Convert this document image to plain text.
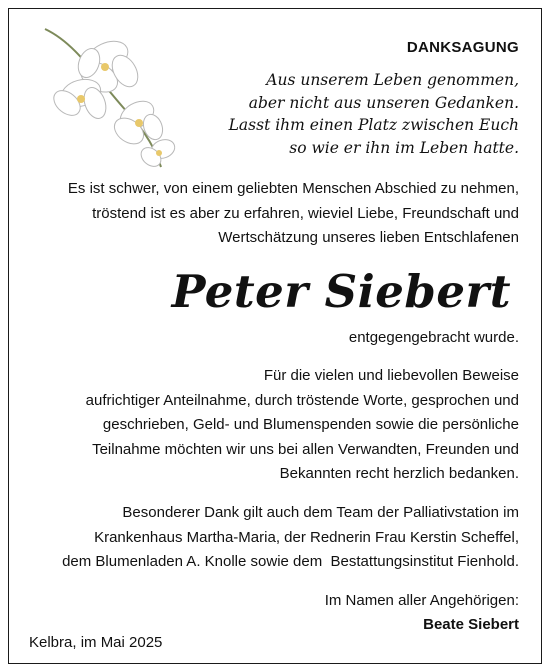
DANKSAGUNG
Aus unserem Leben genommen,
aber nicht aus unseren Gedanken.
Lasst ihm einen Platz zwischen Euch
so wie er ihn im Leben hatte.
Es ist schwer, von einem geliebten Menschen Abschied zu nehmen,
tröstend ist es aber zu erfahren, wieviel Liebe, Freundschaft und
Wertschätzung unseres lieben Entschlafenen
Peter Siebert
entgegengebracht wurde.
Für die vielen und liebevollen Beweise
aufrichtiger Anteilnahme, durch tröstende Worte, gesprochen und
geschrieben, Geld- und Blumenspenden sowie die persönliche
Teilnahme möchten wir uns bei allen Verwandten, Freunden und
Bekannten recht herzlich bedanken.
Besonderer Dank gilt auch dem Team der Palliativstation im
Krankenhaus Martha-Maria, der Rednerin Frau Kerstin Scheffel,
dem Blumenladen A. Knolle sowie dem  Bestattungsinstitut Fienhold.
Im Namen aller Angehörigen:
Beate Siebert
Kelbra, im Mai 2025
